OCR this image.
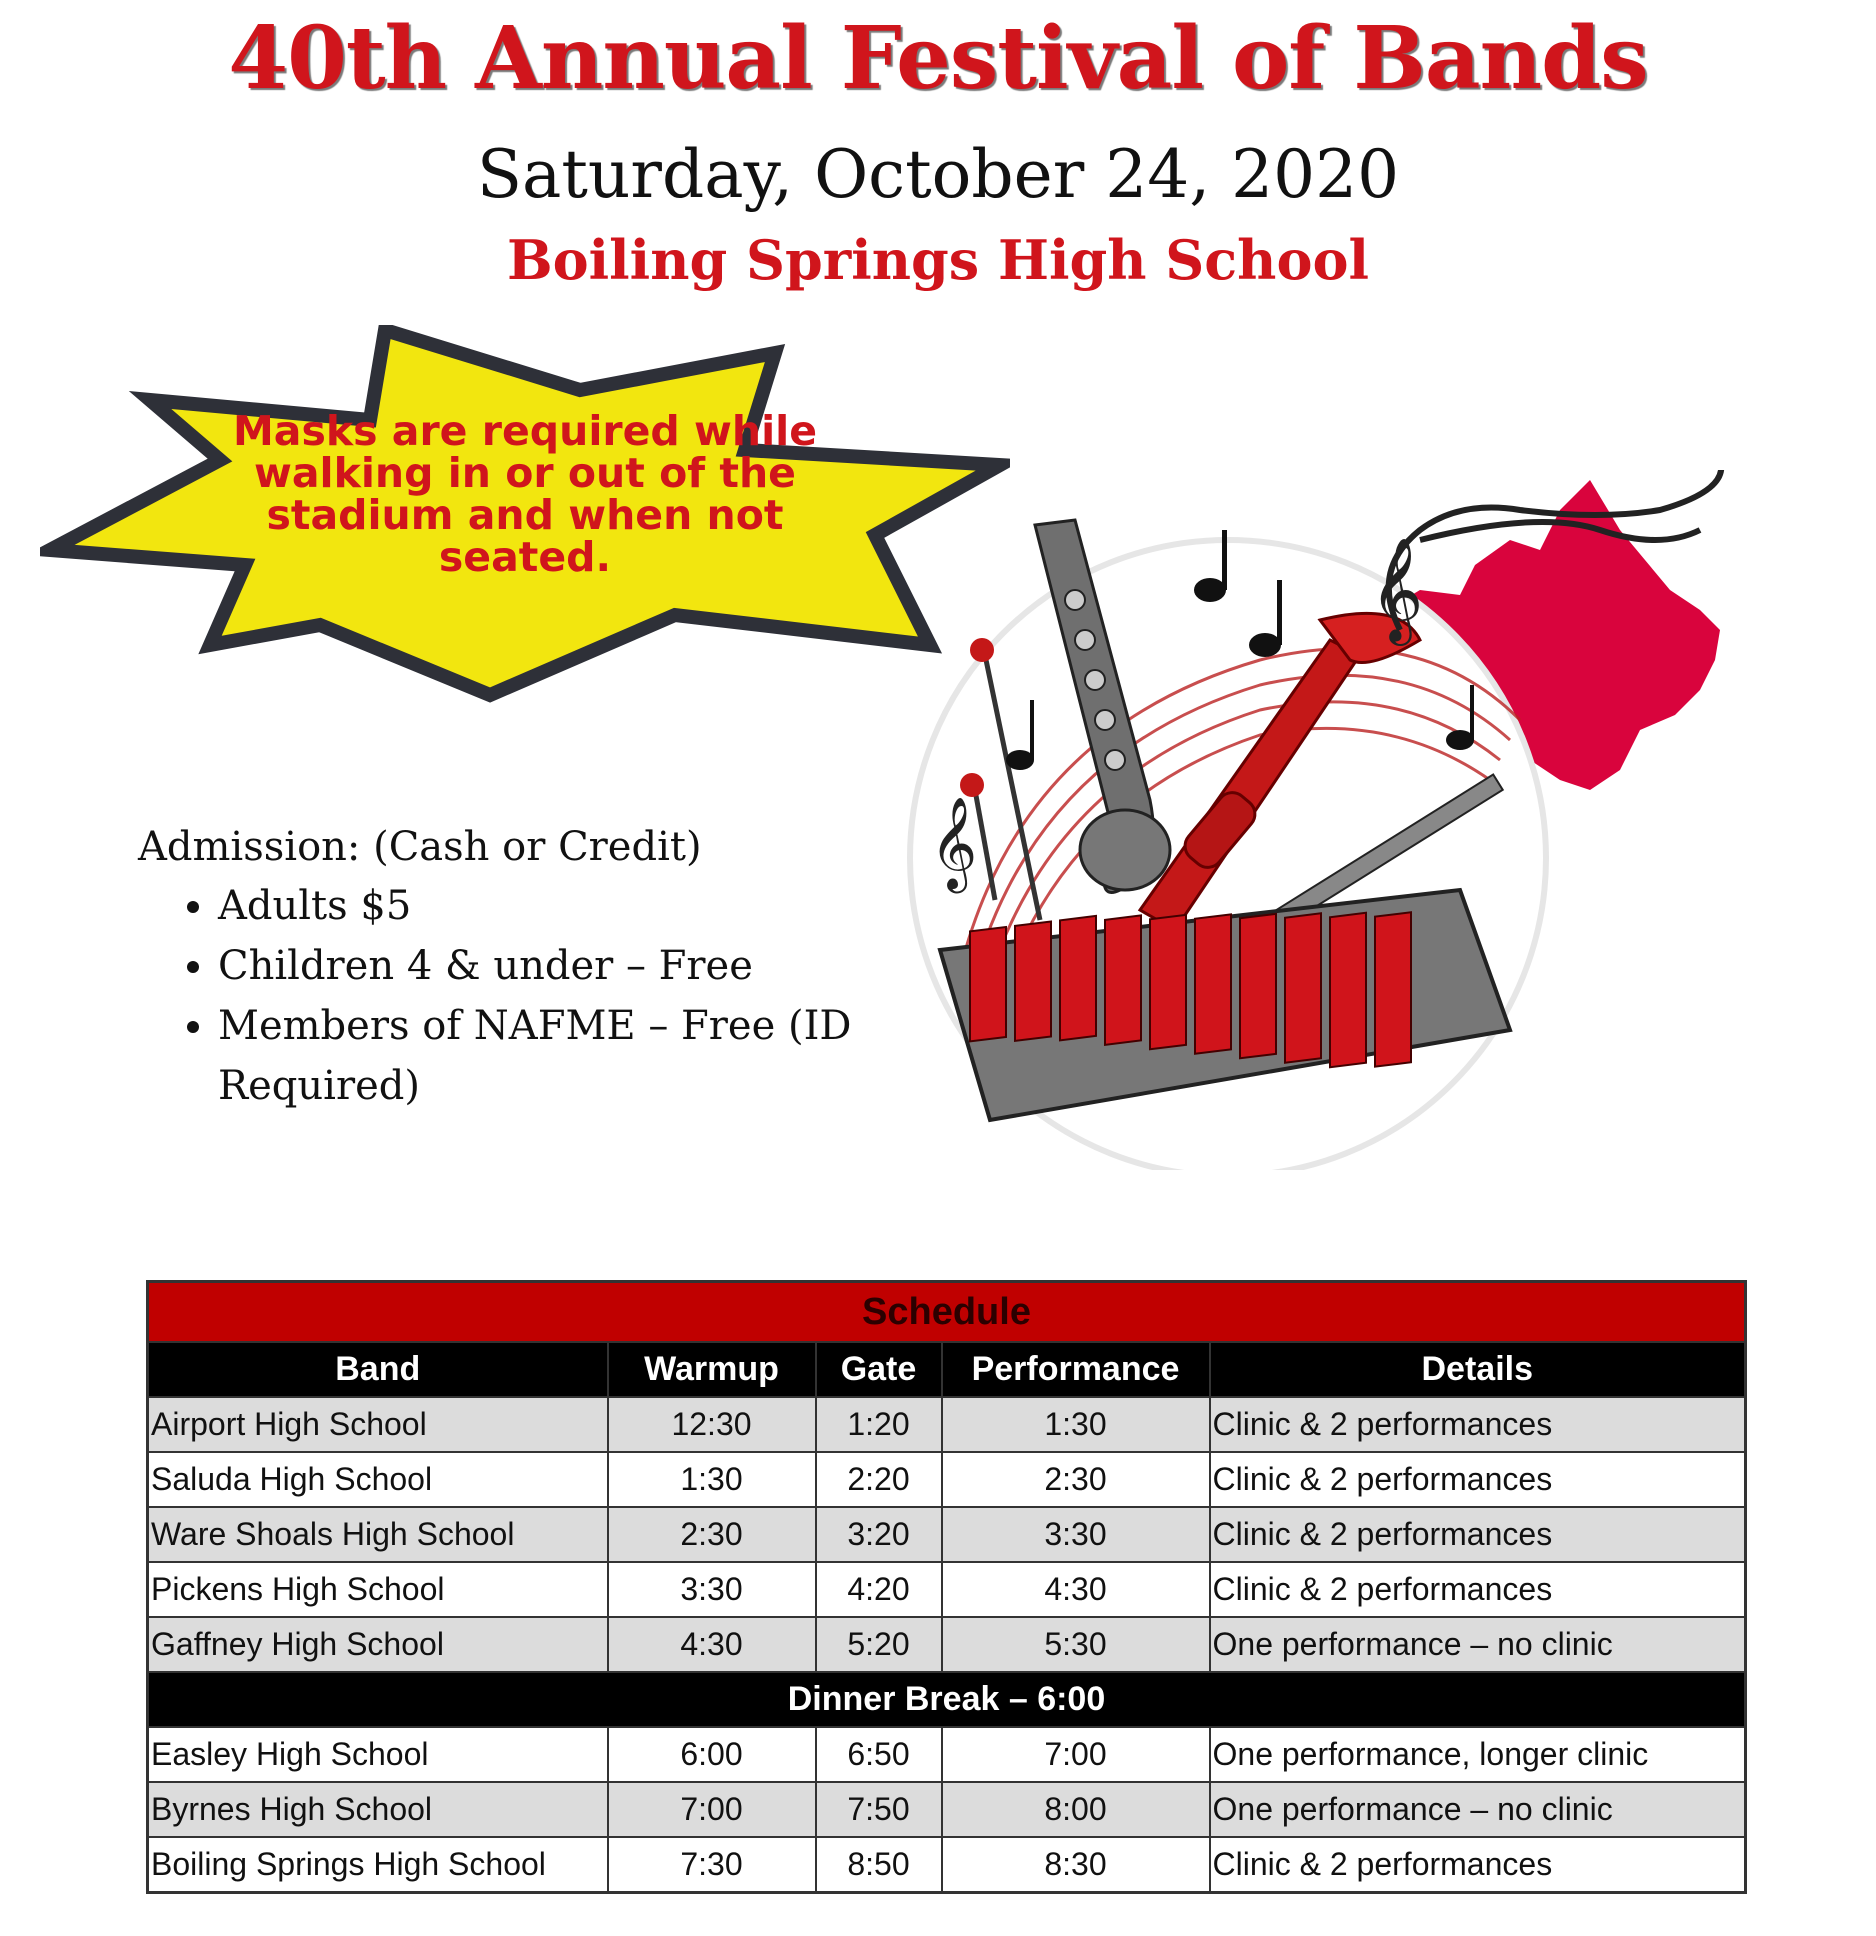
40th Annual Festival of Bands
Saturday, October 24, 2020
Boiling Springs High School
Masks are required while walking in or out of the stadium and when not seated.
Admission: (Cash or Credit)
• Adults $5
• Children 4 & under – Free
• Members of NAFME – Free (ID Required)
𝄞
𝄞
Schedule				
Band	Warmup	Gate	Performance	Details
Airport High School	12:30	1:20	1:30	Clinic & 2 performances
Saluda High School	1:30	2:20	2:30	Clinic & 2 performances
Ware Shoals High School	2:30	3:20	3:30	Clinic & 2 performances
Pickens High School	3:30	4:20	4:30	Clinic & 2 performances
Gaffney High School	4:30	5:20	5:30	One performance – no clinic
Dinner Break – 6:00				
Easley High School	6:00	6:50	7:00	One performance, longer clinic
Byrnes High School	7:00	7:50	8:00	One performance – no clinic
Boiling Springs High School	7:30	8:50	8:30	Clinic & 2 performances
